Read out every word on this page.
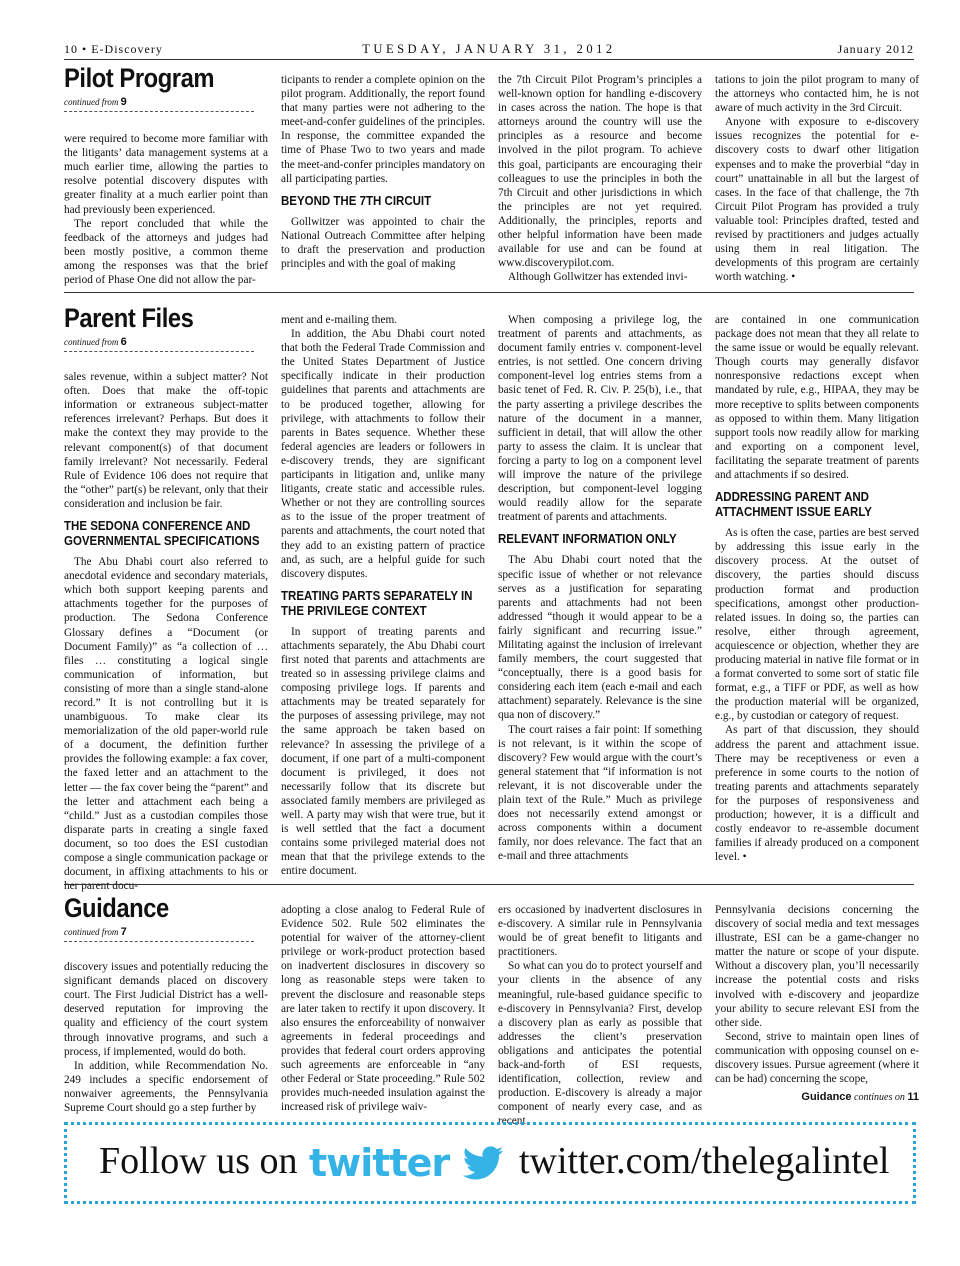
10 • E-Discovery	TUESDAY, JANUARY 31, 2012	January 2012
Pilot Program
continued from 9

were required to become more familiar with the litigants’ data management systems at a much earlier time, allowing the parties to resolve potential discovery disputes with greater finality at a much earlier point than had previously been experienced.

The report concluded that while the feedback of the attorneys and judges had been mostly positive, a common theme among the responses was that the brief period of Phase One did not allow the par-

ticipants to render a complete opinion on the pilot program. Additionally, the report found that many parties were not adhering to the meet-and-confer guidelines of the principles. In response, the committee expanded the time of Phase Two to two years and made the meet-and-confer principles mandatory on all participating parties.

BEYOND THE 7TH CIRCUIT

Gollwitzer was appointed to chair the National Outreach Committee after helping to draft the preservation and production principles and with the goal of making

the 7th Circuit Pilot Program’s principles a well-known option for handling e-discovery in cases across the nation. The hope is that attorneys around the country will use the principles as a resource and become involved in the pilot program. To achieve this goal, participants are encouraging their colleagues to use the principles in both the 7th Circuit and other jurisdictions in which the principles are not yet required. Additionally, the principles, reports and other helpful information have been made available for use and can be found at www.discoverypilot.com.

Although Gollwitzer has extended invi-

tations to join the pilot program to many of the attorneys who contacted him, he is not aware of much activity in the 3rd Circuit.

Anyone with exposure to e-discovery issues recognizes the potential for e-discovery costs to dwarf other litigation expenses and to make the proverbial “day in court” unattainable in all but the largest of cases. In the face of that challenge, the 7th Circuit Pilot Program has provided a truly valuable tool: Principles drafted, tested and revised by practitioners and judges actually using them in real litigation. The developments of this program are certainly worth watching. •

Parent Files
continued from 6

sales revenue, within a subject matter? Not often. Does that make the off-topic information or extraneous subject-matter references irrelevant? Perhaps. But does it make the context they may provide to the relevant component(s) of that document family irrelevant? Not necessarily. Federal Rule of Evidence 106 does not require that the “other” part(s) be relevant, only that their consideration and inclusion be fair.

THE SEDONA CONFERENCE AND
GOVERNMENTAL SPECIFICATIONS

The Abu Dhabi court also referred to anecdotal evidence and secondary materials, which both support keeping parents and attachments together for the purposes of production. The Sedona Conference Glossary defines a “Document (or Document Family)” as “a collection of … files … constituting a logical single communication of information, but consisting of more than a single stand-alone record.” It is not controlling but it is unambiguous. To make clear its memorialization of the old paper-world rule of a document, the definition further provides the following example: a fax cover, the faxed letter and an attachment to the letter — the fax cover being the “parent” and the letter and attachment each being a “child.” Just as a custodian compiles those disparate parts in creating a single faxed document, so too does the ESI custodian compose a single communication package or document, in affixing attachments to his or her parent docu-

ment and e-mailing them.

In addition, the Abu Dhabi court noted that both the Federal Trade Commission and the United States Department of Justice specifically indicate in their production guidelines that parents and attachments are to be produced together, allowing for privilege, with attachments to follow their parents in Bates sequence. Whether these federal agencies are leaders or followers in e-discovery trends, they are significant participants in litigation and, unlike many litigants, create static and accessible rules. Whether or not they are controlling sources as to the issue of the proper treatment of parents and attachments, the court noted that they add to an existing pattern of practice and, as such, are a helpful guide for such discovery disputes.

TREATING PARTS SEPARATELY IN
THE PRIVILEGE CONTEXT

In support of treating parents and attachments separately, the Abu Dhabi court first noted that parents and attachments are treated so in assessing privilege claims and composing privilege logs. If parents and attachments may be treated separately for the purposes of assessing privilege, may not the same approach be taken based on relevance? In assessing the privilege of a document, if one part of a multi-component document is privileged, it does not necessarily follow that its discrete but associated family members are privileged as well. A party may wish that were true, but it is well settled that the fact a document contains some privileged material does not mean that that the privilege extends to the entire document.

When composing a privilege log, the treatment of parents and attachments, as document family entries v. component-level entries, is not settled. One concern driving component-level log entries stems from a basic tenet of Fed. R. Civ. P. 25(b), i.e., that the party asserting a privilege describes the nature of the document in a manner, sufficient in detail, that will allow the other party to assess the claim. It is unclear that forcing a party to log on a component level will improve the nature of the privilege description, but component-level logging would readily allow for the separate treatment of parents and attachments.

RELEVANT INFORMATION ONLY

The Abu Dhabi court noted that the specific issue of whether or not relevance serves as a justification for separating parents and attachments had not been addressed “though it would appear to be a fairly significant and recurring issue.” Militating against the inclusion of irrelevant family members, the court suggested that “conceptually, there is a good basis for considering each item (each e-mail and each attachment) separately. Relevance is the sine qua non of discovery.”

The court raises a fair point: If something is not relevant, is it within the scope of discovery? Few would argue with the court’s general statement that “if information is not relevant, it is not discoverable under the plain text of the Rule.” Much as privilege does not necessarily extend amongst or across components within a document family, nor does relevance. The fact that an e-mail and three attachments

are contained in one communication package does not mean that they all relate to the same issue or would be equally relevant. Though courts may generally disfavor nonresponsive redactions except when mandated by rule, e.g., HIPAA, they may be more receptive to splits between components as opposed to within them. Many litigation support tools now readily allow for marking and exporting on a component level, facilitating the separate treatment of parents and attachments if so desired.

ADDRESSING PARENT AND
ATTACHMENT ISSUE EARLY

As is often the case, parties are best served by addressing this issue early in the discovery process. At the outset of discovery, the parties should discuss production format and production specifications, amongst other production-related issues. In doing so, the parties can resolve, either through agreement, acquiescence or objection, whether they are producing material in native file format or in a format converted to some sort of static file format, e.g., a TIFF or PDF, as well as how the production material will be organized, e.g., by custodian or category of request.

As part of that discussion, they should address the parent and attachment issue. There may be receptiveness or even a preference in some courts to the notion of treating parents and attachments separately for the purposes of responsiveness and production; however, it is a difficult and costly endeavor to re-assemble document families if already produced on a component level. •

Guidance
continued from 7

discovery issues and potentially reducing the significant demands placed on discovery court. The First Judicial District has a well-deserved reputation for improving the quality and efficiency of the court system through innovative programs, and such a process, if implemented, would do both.

In addition, while Recommendation No. 249 includes a specific endorsement of nonwaiver agreements, the Pennsylvania Supreme Court should go a step further by

adopting a close analog to Federal Rule of Evidence 502. Rule 502 eliminates the potential for waiver of the attorney-client privilege or work-product protection based on inadvertent disclosures in discovery so long as reasonable steps were taken to prevent the disclosure and reasonable steps are later taken to rectify it upon discovery. It also ensures the enforceability of nonwaiver agreements in federal proceedings and provides that federal court orders approving such agreements are enforceable in “any other Federal or State proceeding.” Rule 502 provides much-needed insulation against the increased risk of privilege waiv-

ers occasioned by inadvertent disclosures in e-discovery. A similar rule in Pennsylvania would be of great benefit to litigants and practitioners.

So what can you do to protect yourself and your clients in the absence of any meaningful, rule-based guidance specific to e-discovery in Pennsylvania? First, develop a discovery plan as early as possible that addresses the client’s preservation obligations and anticipates the potential back-and-forth of ESI requests, identification, collection, review and production. E-discovery is already a major component of nearly every case, and as recent

Pennsylvania decisions concerning the discovery of social media and text messages illustrate, ESI can be a game-changer no matter the nature or scope of your dispute. Without a discovery plan, you’ll necessarily increase the potential costs and risks involved with e-discovery and jeopardize your ability to secure relevant ESI from the other side.

Second, strive to maintain open lines of communication with opposing counsel on e-discovery issues. Pursue agreement (where it can be had) concerning the scope,

Guidance continues on 11
Follow us on twitter twitter.com/thelegalintel
